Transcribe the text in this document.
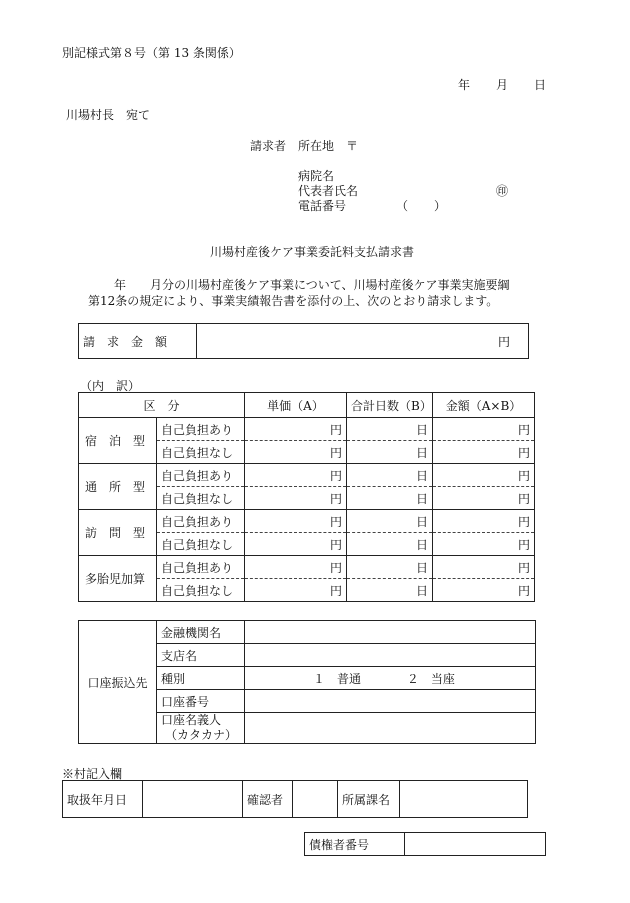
別記様式第８号（第 13 条関係）
年 月 日
川場村長　宛て
請求者 所在地　〒
病院名
代表者氏名	㊞
電話番号	（ ）
川場村産後ケア事業委託料支払請求書
年　　月分の川場村産後ケア事業について、川場村産後ケア事業実施要綱
第12条の規定により、事業実績報告書を添付の上、次のとおり請求します。
請　求　金　額	円
（内　訳）
区　分		単価（A）	合計日数（B）	金額（A×B）
宿　泊　型	自己負担あり	円	日	円
	自己負担なし	円	日	円
通　所　型	自己負担あり	円	日	円
	自己負担なし	円	日	円
訪　問　型	自己負担あり	円	日	円
	自己負担なし	円	日	円
多胎児加算	自己負担あり	円	日	円
	自己負担なし	円	日	円
口座振込先	金融機関名	
	支店名	
	種別	１　普通 ２　当座
	口座番号	

	口座名義人
（カタカナ）	

※村記入欄
取扱年月日		確認者		所属課名	
債権者番号	
